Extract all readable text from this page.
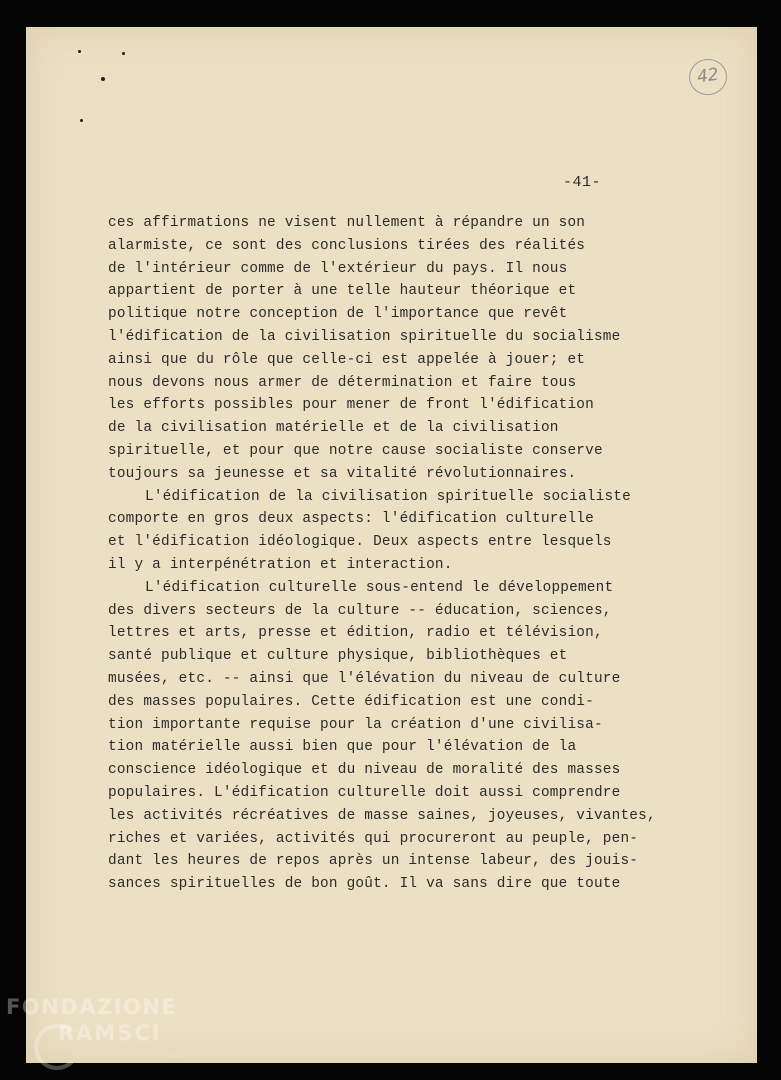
42
-41-
ces affirmations ne visent nullement à répandre un son
alarmiste, ce sont des conclusions tirées des réalités
de l'intérieur comme de l'extérieur du pays. Il nous
appartient de porter à une telle hauteur théorique et
politique notre conception de l'importance que revêt
l'édification de la civilisation spirituelle du socialisme
ainsi que du rôle que celle-ci est appelée à jouer; et
nous devons nous armer de détermination et faire tous
les efforts possibles pour mener de front l'édification
de la civilisation matérielle et de la civilisation
spirituelle, et pour que notre cause socialiste conserve
toujours sa jeunesse et sa vitalité révolutionnaires.
L'édification de la civilisation spirituelle socialiste
comporte en gros deux aspects: l'édification culturelle
et l'édification idéologique. Deux aspects entre lesquels
il y a interpénétration et interaction.
L'édification culturelle sous-entend le développement
des divers secteurs de la culture -- éducation, sciences,
lettres et arts, presse et édition, radio et télévision,
santé publique et culture physique, bibliothèques et
musées, etc. -- ainsi que l'élévation du niveau de culture
des masses populaires. Cette édification est une condi-
tion importante requise pour la création d'une civilisa-
tion matérielle aussi bien que pour l'élévation de la
conscience idéologique et du niveau de moralité des masses
populaires. L'édification culturelle doit aussi comprendre
les activités récréatives de masse saines, joyeuses, vivantes,
riches et variées, activités qui procureront au peuple, pen-
dant les heures de repos après un intense labeur, des jouis-
sances spirituelles de bon goût. Il va sans dire que toute
FONDAZIONE
RAMSCI
ONLUS
